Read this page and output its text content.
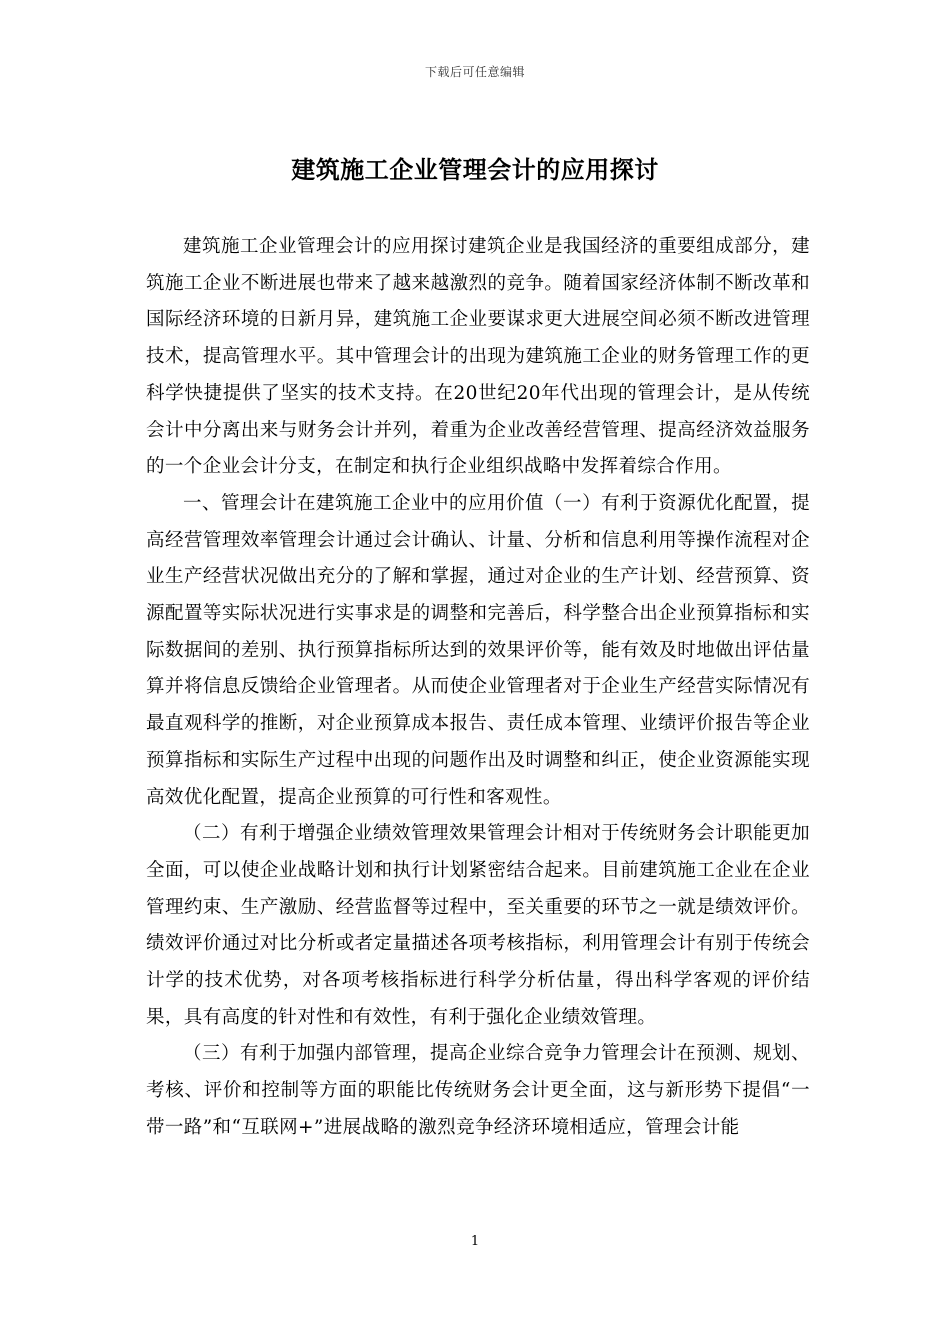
下载后可任意编辑
建筑施工企业管理会计的应用探讨

建筑施工企业管理会计的应用探讨建筑企业是我国经济的重要组成部分，建筑施工企业不断进展也带来了越来越激烈的竞争。随着国家经济体制不断改革和国际经济环境的日新月异，建筑施工企业要谋求更大进展空间必须不断改进管理技术，提高管理水平。其中管理会计的出现为建筑施工企业的财务管理工作的更科学快捷提供了坚实的技术支持。在20世纪20年代出现的管理会计，是从传统会计中分离出来与财务会计并列，着重为企业改善经营管理、提高经济效益服务的一个企业会计分支，在制定和执行企业组织战略中发挥着综合作用。

一、管理会计在建筑施工企业中的应用价值（一）有利于资源优化配置，提高经营管理效率管理会计通过会计确认、计量、分析和信息利用等操作流程对企业生产经营状况做出充分的了解和掌握，通过对企业的生产计划、经营预算、资源配置等实际状况进行实事求是的调整和完善后，科学整合出企业预算指标和实际数据间的差别、执行预算指标所达到的效果评价等，能有效及时地做出评估量算并将信息反馈给企业管理者。从而使企业管理者对于企业生产经营实际情况有最直观科学的推断，对企业预算成本报告、责任成本管理、业绩评价报告等企业预算指标和实际生产过程中出现的问题作出及时调整和纠正，使企业资源能实现高效优化配置，提高企业预算的可行性和客观性。

（二）有利于增强企业绩效管理效果管理会计相对于传统财务会计职能更加全面，可以使企业战略计划和执行计划紧密结合起来。目前建筑施工企业在企业管理约束、生产激励、经营监督等过程中，至关重要的环节之一就是绩效评价。绩效评价通过对比分析或者定量描述各项考核指标，利用管理会计有别于传统会计学的技术优势，对各项考核指标进行科学分析估量，得出科学客观的评价结果，具有高度的针对性和有效性，有利于强化企业绩效管理。

（三）有利于加强内部管理，提高企业综合竞争力管理会计在预测、规划、考核、评价和控制等方面的职能比传统财务会计更全面，这与新形势下提倡“一带一路”和“互联网+”进展战略的激烈竞争经济环境相适应，管理会计能

1
